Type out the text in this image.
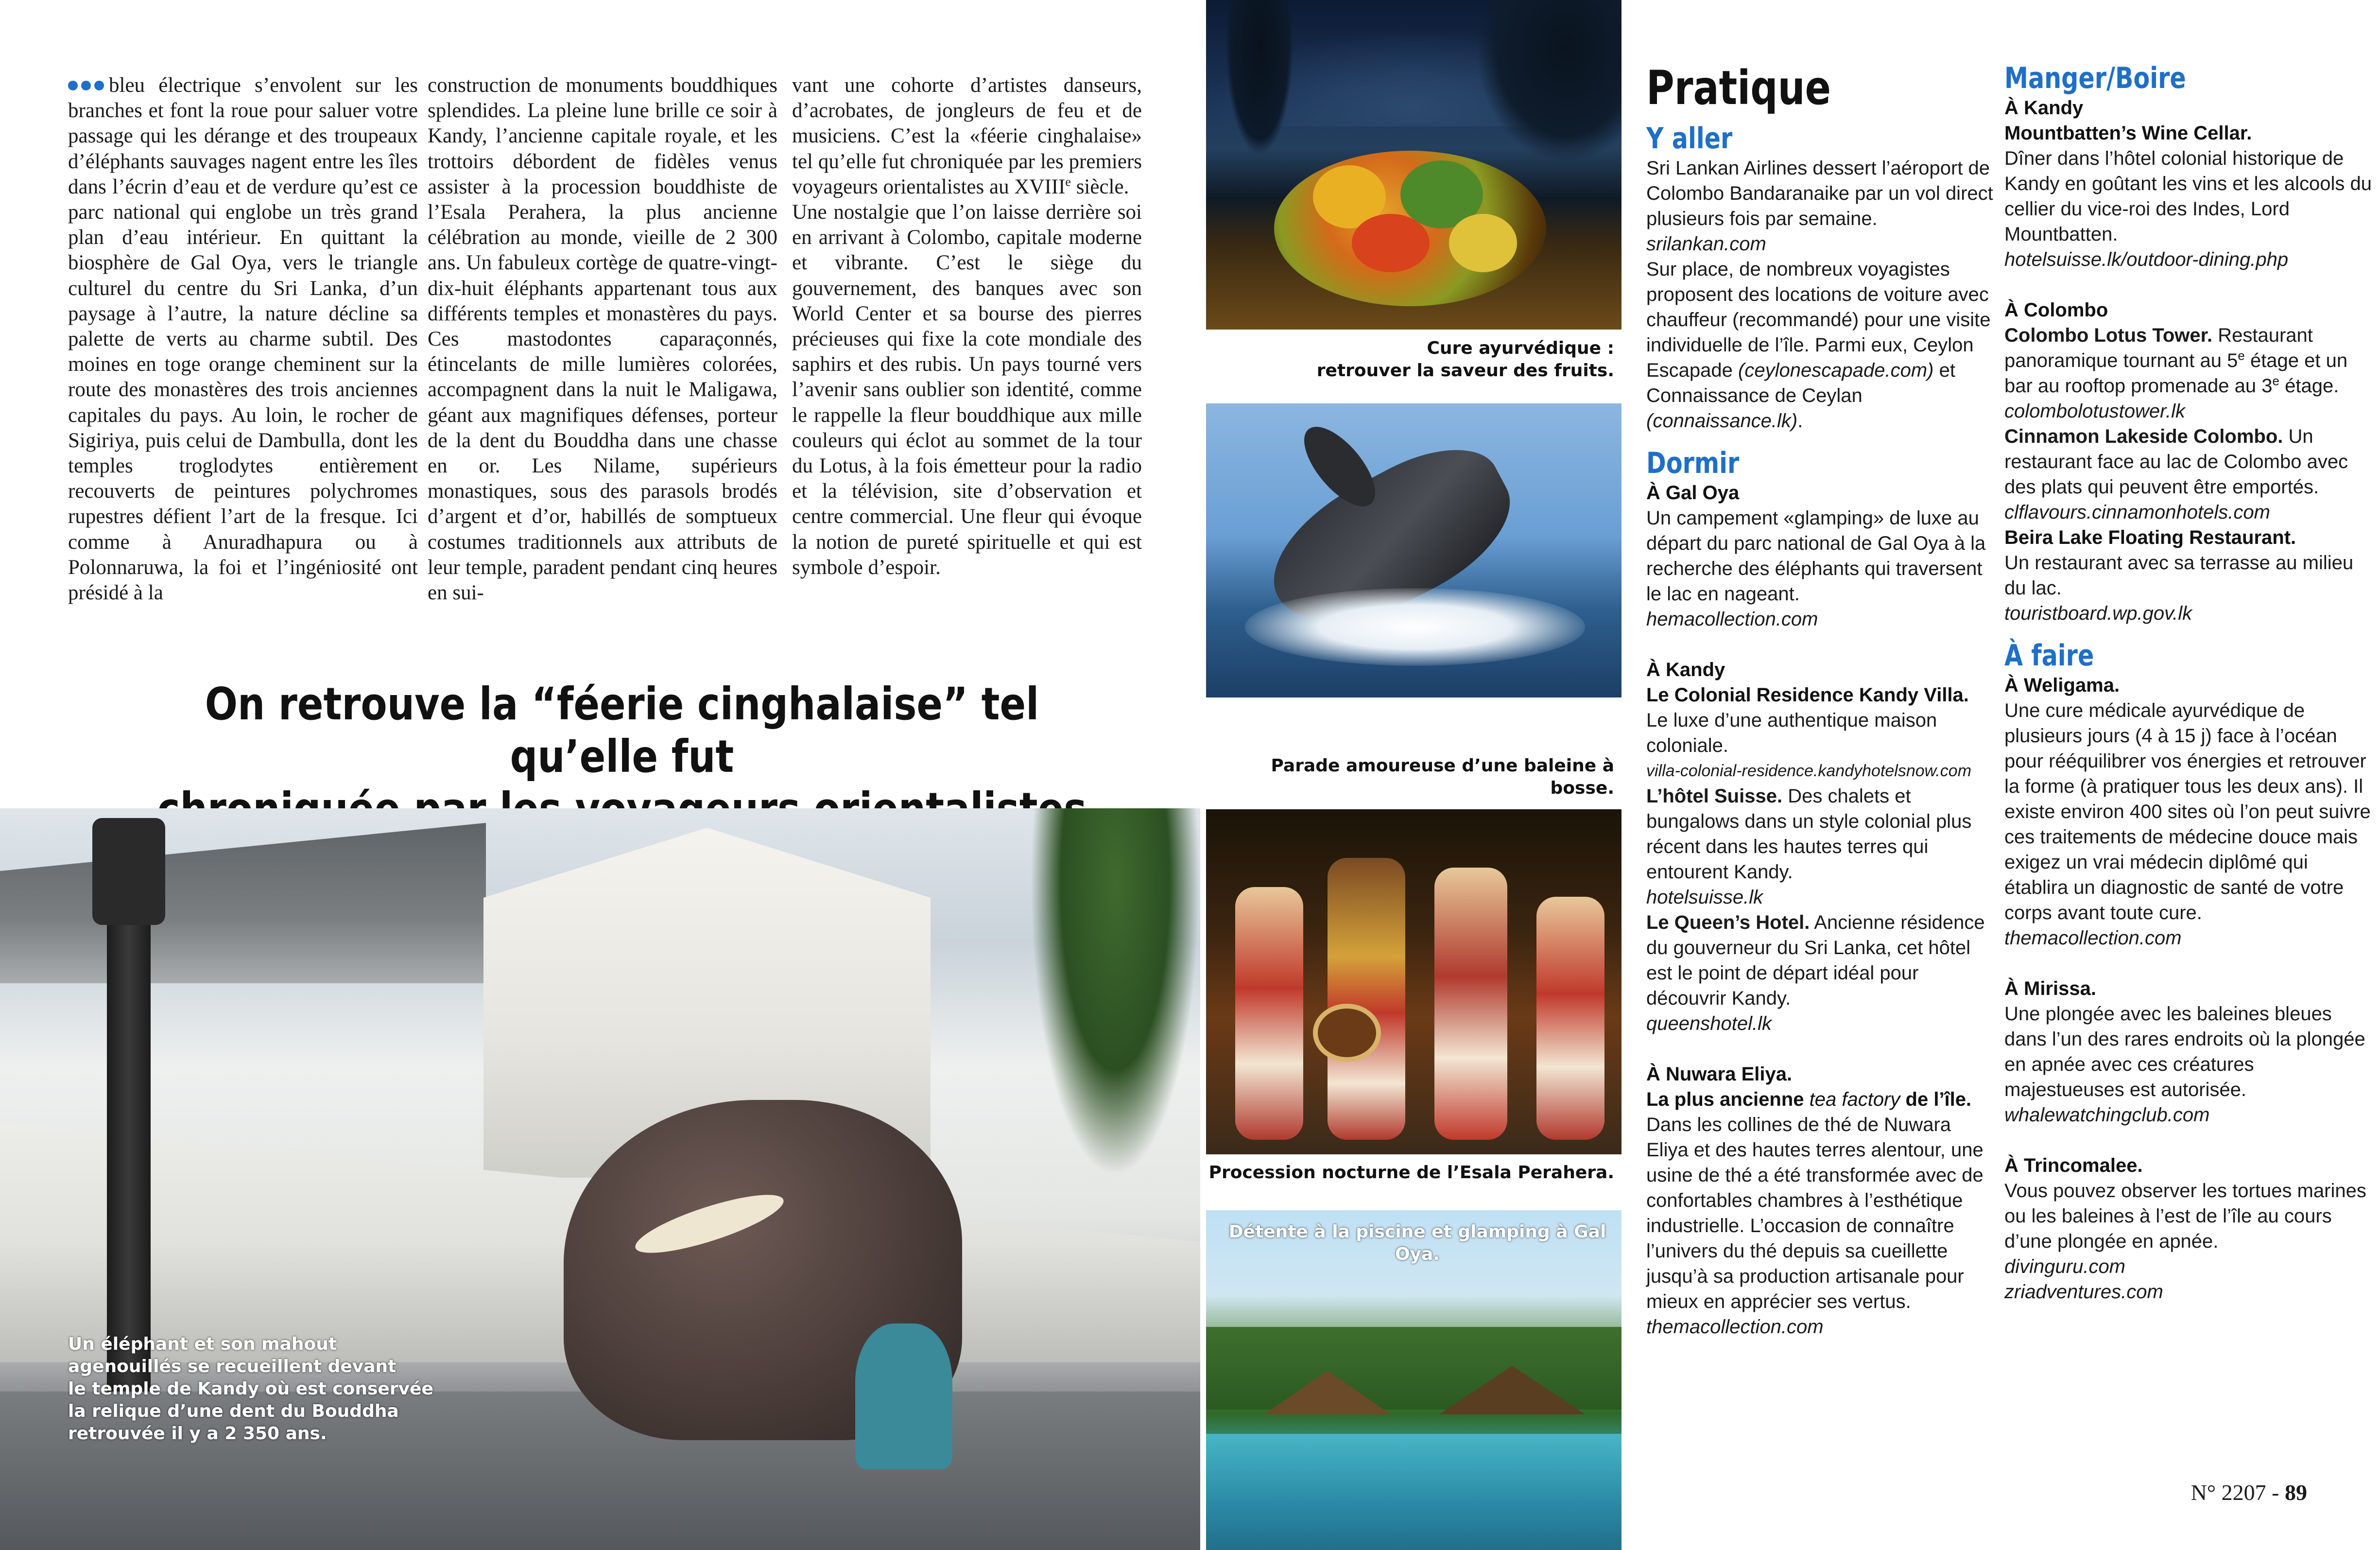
bleu électrique s’envolent sur les branches et font la roue pour saluer votre passage qui les dérange et des troupeaux d’éléphants sauvages nagent entre les îles dans l’écrin d’eau et de verdure qu’est ce parc national qui englobe un très grand plan d’eau intérieur. En quittant la biosphère de Gal Oya, vers le triangle culturel du centre du Sri Lanka, d’un paysage à l’autre, la nature décline sa palette de verts au charme subtil. Des moines en toge orange cheminent sur la route des monastères des trois anciennes capitales du pays. Au loin, le rocher de Sigiriya, puis celui de Dambulla, dont les temples troglodytes entièrement recouverts de peintures polychromes rupestres défient l’art de la fresque. Ici comme à Anuradhapura ou à Polonnaruwa, la foi et l’ingéniosité ont présidé à la

construction de monuments bouddhiques splendides. La pleine lune brille ce soir à Kandy, l’ancienne capitale royale, et les trottoirs débordent de fidèles venus assister à la procession bouddhiste de l’Esala Perahera, la plus ancienne célébration au monde, vieille de 2 300 ans. Un fabuleux cortège de quatre-vingt-dix-huit éléphants appartenant tous aux différents temples et monastères du pays. Ces mastodontes caparaçonnés, étincelants de mille lumières colorées, accompagnent dans la nuit le Maligawa, géant aux magnifiques défenses, porteur de la dent du Bouddha dans une chasse en or. Les Nilame, supérieurs monastiques, sous des parasols brodés d’argent et d’or, habillés de somptueux costumes traditionnels aux attributs de leur temple, paradent pendant cinq heures en sui-

vant une cohorte d’artistes danseurs, d’acrobates, de jongleurs de feu et de musiciens. C’est la «féerie cinghalaise» tel qu’elle fut chroniquée par les premiers voyageurs orientalistes au XVIIIe siècle.

Une nostalgie que l’on laisse derrière soi en arrivant à Colombo, capitale moderne et vibrante. C’est le siège du gouvernement, des banques avec son World Center et sa bourse des pierres précieuses qui fixe la cote mondiale des saphirs et des rubis. Un pays tourné vers l’avenir sans oublier son identité, comme le rappelle la fleur bouddhique aux mille couleurs qui éclot au sommet de la tour du Lotus, à la fois émetteur pour la radio et la télévision, site d’observation et centre commercial. Une fleur qui évoque la notion de pureté spirituelle et qui est symbole d’espoir.

On retrouve la “féerie cinghalaise” tel qu’elle fut
Cure ayurvédique :
retrouver la saveur des fruits.
Parade amoureuse d’une baleine à bosse.
Procession nocturne de l’Esala Perahera.
Détente à la piscine et glamping à Gal Oya.
Un éléphant et son mahout
agenouillés se recueillent devant
le temple de Kandy où est conservée
la relique d’une dent du Bouddha
retrouvée il y a 2 350 ans.
Pratique
Y aller
Sri Lankan Airlines dessert l’aéroport de Colombo Bandaranaike par un vol direct plusieurs fois par semaine.
srilankan.com
Sur place, de nombreux voyagistes proposent des locations de voiture avec chauffeur (recommandé) pour une visite individuelle de l’île. Parmi eux, Ceylon Escapade (ceylonescapade.com) et Connaissance de Ceylan (connaissance.lk).
Dormir
À Gal Oya
Un campement «glamping» de luxe au départ du parc national de Gal Oya à la recherche des éléphants qui traversent le lac en nageant.
hemacollection.com
À Kandy
Le Colonial Residence Kandy Villa.
Le luxe d’une authentique maison coloniale.
villa-colonial-residence.kandyhotelsnow.com
L’hôtel Suisse. Des chalets et bungalows dans un style colonial plus récent dans les hautes terres qui entourent Kandy.
hotelsuisse.lk
Le Queen’s Hotel. Ancienne résidence du gouverneur du Sri Lanka, cet hôtel est le point de départ idéal pour découvrir Kandy.
queenshotel.lk
À Nuwara Eliya.
La plus ancienne tea factory de l’île.
Dans les collines de thé de Nuwara Eliya et des hautes terres alentour, une usine de thé a été transformée avec de confortables chambres à l’esthétique industrielle. L’occasion de connaître l’univers du thé depuis sa cueillette jusqu’à sa production artisanale pour mieux en apprécier ses vertus.
themacollection.com
Manger/Boire
À Kandy
Mountbatten’s Wine Cellar.
Dîner dans l’hôtel colonial historique de Kandy en goûtant les vins et les alcools du cellier du vice-roi des Indes, Lord Mountbatten.
hotelsuisse.lk/outdoor-dining.php
À Colombo
Colombo Lotus Tower. Restaurant panoramique tournant au 5e étage et un bar au rooftop promenade au 3e étage.
colombolotustower.lk
Cinnamon Lakeside Colombo. Un restaurant face au lac de Colombo avec des plats qui peuvent être emportés.
clflavours.cinnamonhotels.com
Beira Lake Floating Restaurant.
Un restaurant avec sa terrasse au milieu du lac.
touristboard.wp.gov.lk
À faire
À Weligama.
Une cure médicale ayurvédique de plusieurs jours (4 à 15 j) face à l’océan pour rééquilibrer vos énergies et retrouver la forme (à pratiquer tous les deux ans). Il existe environ 400 sites où l’on peut suivre ces traitements de médecine douce mais exigez un vrai médecin diplômé qui établira un diagnostic de santé de votre corps avant toute cure.
themacollection.com
À Mirissa.
Une plongée avec les baleines bleues dans l’un des rares endroits où la plongée en apnée avec ces créatures majestueuses est autorisée.
whalewatchingclub.com
À Trincomalee.
Vous pouvez observer les tortues marines ou les baleines à l’est de l’île au cours d’une plongée en apnée.
divinguru.com
zriadventures.com
N° 2207 - 89
